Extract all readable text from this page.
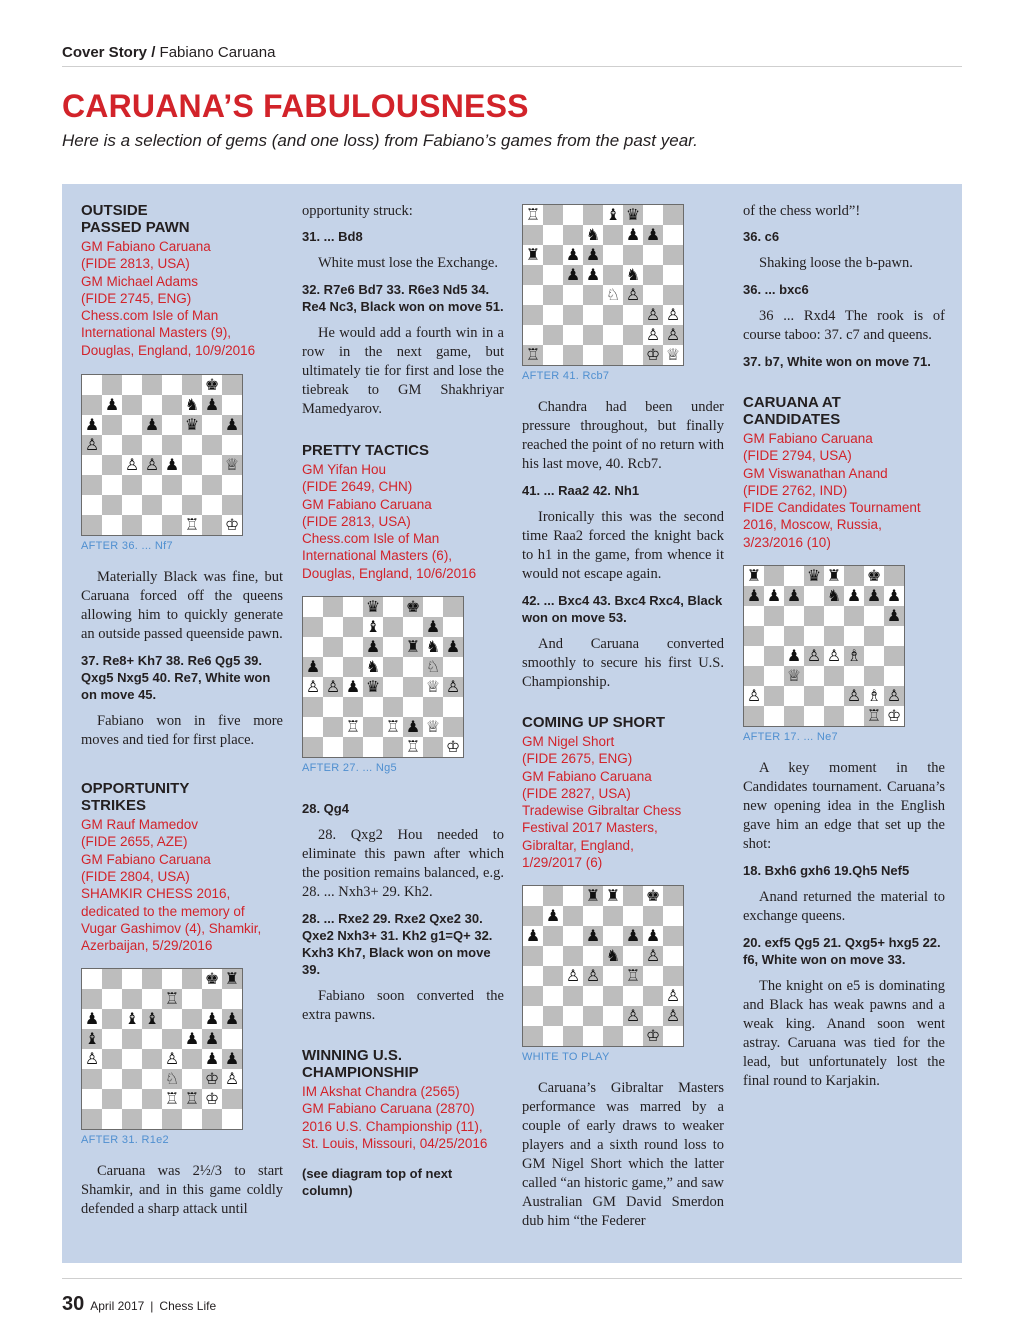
Cover Story / Fabiano Caruana
CARUANA’S FABULOUSNESS

Here is a selection of gems (and one loss) from Fabiano’s games from the past year.

OUTSIDE PASSED PAWN
GM Fabiano Caruana
(FIDE 2813, USA)
GM Michael Adams
(FIDE 2745, ENG)
Chess.com Isle of Man
International Masters (9),
Douglas, England, 10/9/2016
♚
♟	♞ ♟
♟	♟ ♛ ♟
♙
♙ ♙ ♟	♕
♖ ♔
AFTER 36. ... Nf7

Materially Black was fine, but Caruana forced off the queens allowing him to quickly generate an outside passed queenside pawn.

37. Re8+ Kh7 38. Re6 Qg5 39. Qxg5 Nxg5 40. Re7, White won on move 45.

Fabiano won in five more moves and tied for first place.

OPPORTUNITY STRIKES
GM Rauf Mamedov
(FIDE 2655, AZE)
GM Fabiano Caruana
(FIDE 2804, USA)
SHAMKIR CHESS 2016,
dedicated to the memory of
Vugar Gashimov (4), Shamkir,
Azerbaijan, 5/29/2016
♚ ♜
♖
♟ ♝ ♝	♟ ♟
♝	♟ ♟
♙	♙ ♟ ♟
♘ ♔ ♙
♖ ♖ ♔
AFTER 31. R1e2

Caruana was 2½/3 to start Shamkir, and in this game coldly defended a sharp attack until

opportunity struck:

31. ... Bd8

White must lose the Exchange.

32. R7e6 Bd7 33. R6e3 Nd5 34. Re4 Nc3, Black won on move 51.

He would add a fourth win in a row in the next game, but ultimately tie for first and lose the tiebreak to GM Shakhriyar Mamedyarov.

PRETTY TACTICS
GM Yifan Hou
(FIDE 2649, CHN)
GM Fabiano Caruana
(FIDE 2813, USA)
Chess.com Isle of Man
International Masters (6),
Douglas, England, 10/6/2016
♛ ♚
♝	♟
♟ ♜ ♞ ♟
♟	♞	♘
♙ ♙ ♟ ♛	♕ ♙
♖ ♖ ♟ ♕
♖ ♔
AFTER 27. ... Ng5

28. Qg4

28. Qxg2 Hou needed to eliminate this pawn after which the position remains balanced, e.g. 28. ... Nxh3+ 29. Kh2.

28. ... Rxe2 29. Rxe2 Qxe2 30. Qxe2 Nxh3+ 31. Kh2 g1=Q+ 32. Kxh3 Kh7, Black won on move 39.

Fabiano soon converted the extra pawns.

WINNING U.S. CHAMPIONSHIP
IM Akshat Chandra (2565)
GM Fabiano Caruana (2870)
2016 U.S. Championship (11),
St. Louis, Missouri, 04/25/2016

(see diagram top of next column)

♖	♝ ♛
♞ ♟ ♟
♜ ♟ ♟
♟ ♟ ♞
♘ ♙
♙ ♙
♙ ♙
♖	♔ ♕
AFTER 41. Rcb7

Chandra had been under pressure throughout, but finally reached the point of no return with his last move, 40. Rcb7.

41. ... Raa2 42. Nh1

Ironically this was the second time Raa2 forced the knight back to h1 in the game, from whence it would not escape again.

42. ... Bxc4 43. Bxc4 Rxc4, Black won on move 53.

And Caruana converted smoothly to secure his first U.S. Championship.

COMING UP SHORT
GM Nigel Short
(FIDE 2675, ENG)
GM Fabiano Caruana
(FIDE 2827, USA)
Tradewise Gibraltar Chess
Festival 2017 Masters,
Gibraltar, England,
1/29/2017 (6)
♜ ♜ ♚
♟
♟	♟ ♟ ♟
♞ ♙
♙ ♙ ♖
♙
♙ ♙
♔
WHITE TO PLAY

Caruana’s Gibraltar Masters performance was marred by a couple of early draws to weaker players and a sixth round loss to GM Nigel Short which the latter called “an historic game,” and saw Australian GM David Smerdon dub him “the Federer

of the chess world”!

36. c6

Shaking loose the b-pawn.

36. ... bxc6

36 ... Rxd4 The rook is of course taboo: 37. c7 and queens.

37. b7, White won on move 71.

CARUANA AT CANDIDATES
GM Fabiano Caruana
(FIDE 2794, USA)
GM Viswanathan Anand
(FIDE 2762, IND)
FIDE Candidates Tournament
2016, Moscow, Russia,
3/23/2016 (10)
♜	♛ ♜ ♚
♟ ♟ ♟ ♞ ♟ ♟ ♟
♟
♟ ♙ ♙ ♗
♕
♙	♙ ♗ ♙
♖ ♔
AFTER 17. ... Ne7

A key moment in the Candidates tournament. Caruana’s new opening idea in the English gave him an edge that set up the shot:

18. Bxh6 gxh6 19.Qh5 Nef5

Anand returned the material to exchange queens.

20. exf5 Qg5 21. Qxg5+ hxg5 22. f6, White won on move 33.

The knight on e5 is dominating and Black has weak pawns and a weak king. Anand soon went astray. Caruana was tied for the lead, but unfortunately lost the final round to Karjakin.

30 April 2017 | Chess Life
